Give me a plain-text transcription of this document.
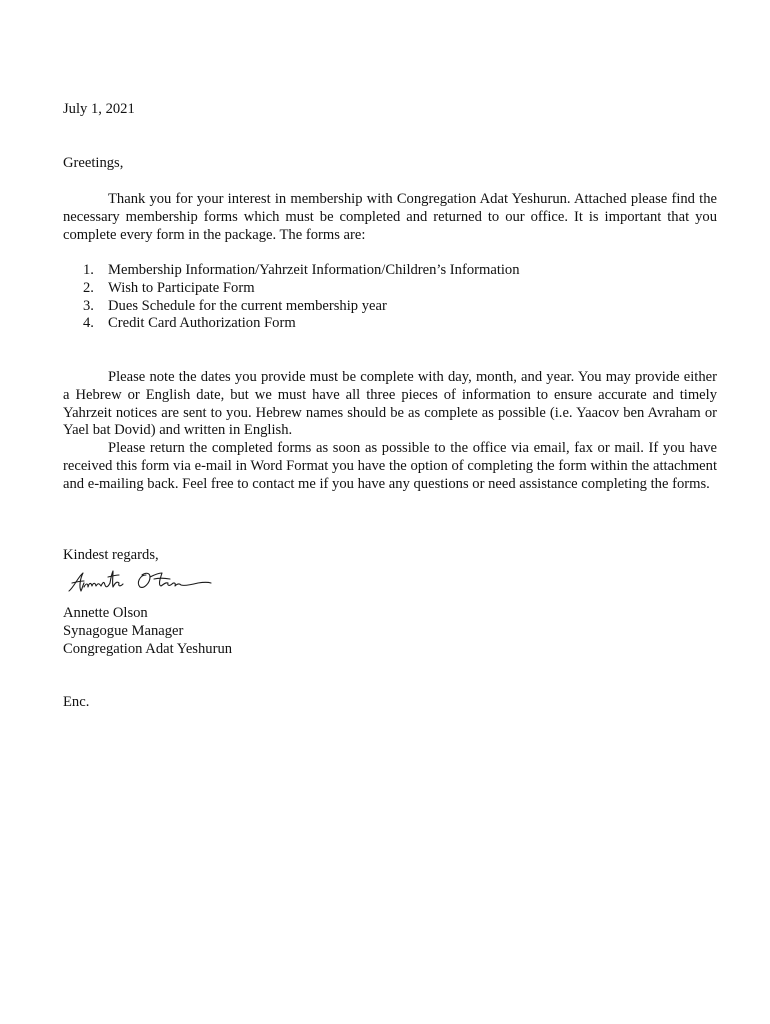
July 1, 2021

Greetings,

Thank you for your interest in membership with Congregation Adat Yeshurun. Attached please find the necessary membership forms which must be completed and returned to our office. It is important that you complete every form in the package. The forms are:

1. Membership Information/Yahrzeit Information/Children’s Information
2. Wish to Participate Form
3. Dues Schedule for the current membership year
4. Credit Card Authorization Form

Please note the dates you provide must be complete with day, month, and year. You may provide either a Hebrew or English date, but we must have all three pieces of information to ensure accurate and timely Yahrzeit notices are sent to you. Hebrew names should be as complete as possible (i.e. Yaacov ben Avraham or Yael bat Dovid) and written in English.

Please return the completed forms as soon as possible to the office via email, fax or mail. If you have received this form via e-mail in Word Format you have the option of completing the form within the attachment and e-mailing back. Feel free to contact me if you have any questions or need assistance completing the forms.

Kindest regards,

Annette Olson
Synagogue Manager
Congregation Adat Yeshurun

Enc.
